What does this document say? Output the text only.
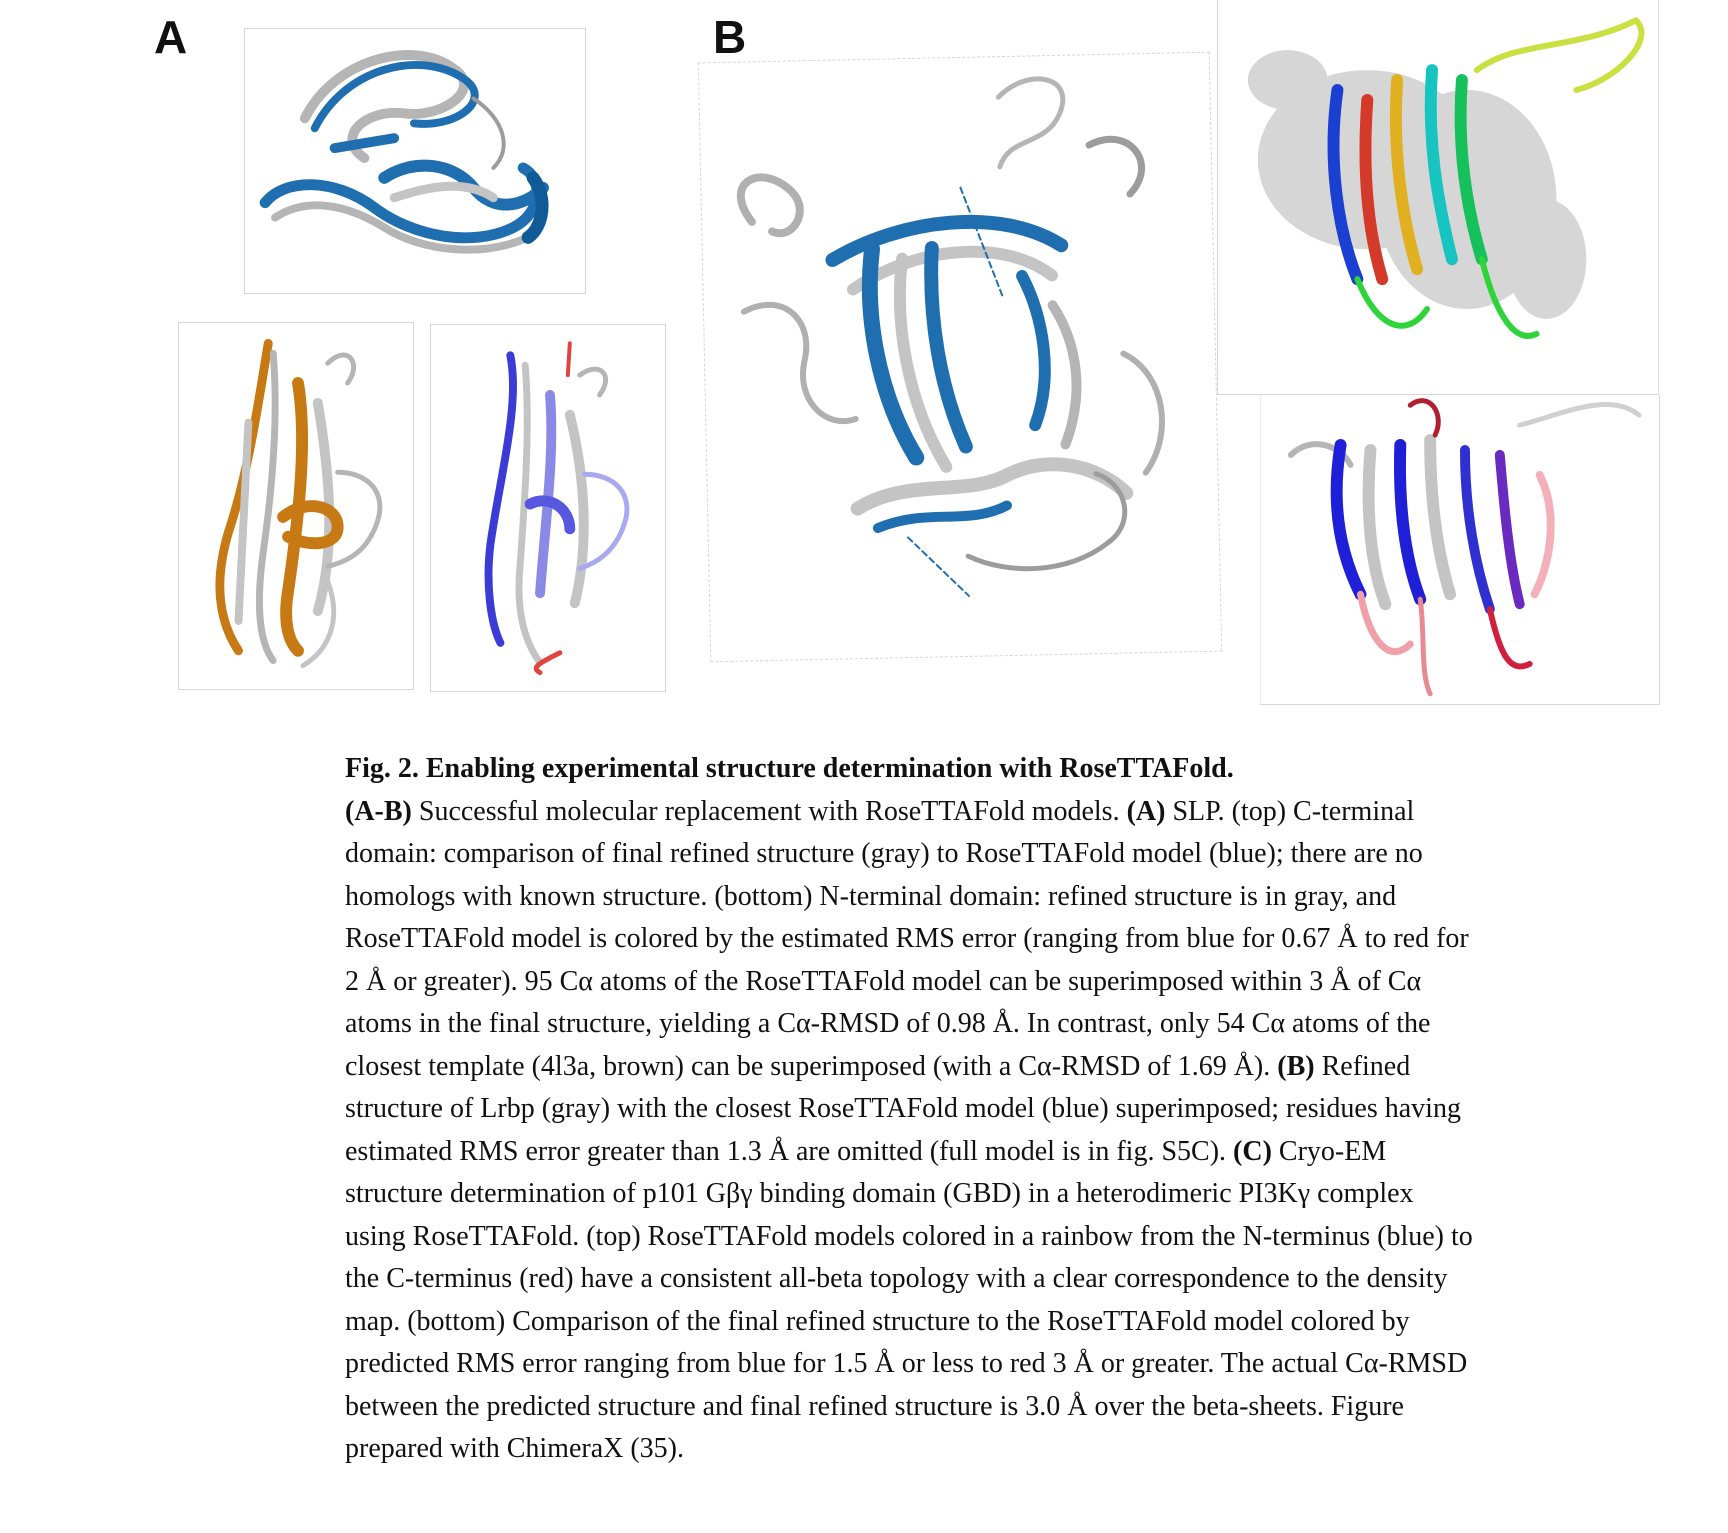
A	B
Fig. 2. Enabling experimental structure determination with RoseTTAFold.
(A-B) Successful molecular replacement with RoseTTAFold models. (A) SLP. (top) C-terminal domain: comparison of final refined structure (gray) to RoseTTAFold model (blue); there are no homologs with known structure. (bottom) N-terminal domain: refined structure is in gray, and RoseTTAFold model is colored by the estimated RMS error (ranging from blue for 0.67 Å to red for 2 Å or greater). 95 Cα atoms of the RoseTTAFold model can be superimposed within 3 Å of Cα atoms in the final structure, yielding a Cα-RMSD of 0.98 Å. In contrast, only 54 Cα atoms of the closest template (4l3a, brown) can be superimposed (with a Cα-RMSD of 1.69 Å). (B) Refined structure of Lrbp (gray) with the closest RoseTTAFold model (blue) superimposed; residues having estimated RMS error greater than 1.3 Å are omitted (full model is in fig. S5C). (C) Cryo-EM structure determination of p101 Gβγ binding domain (GBD) in a heterodimeric PI3Kγ complex using RoseTTAFold. (top) RoseTTAFold models colored in a rainbow from the N-terminus (blue) to the C-terminus (red) have a consistent all-beta topology with a clear correspondence to the density map. (bottom) Comparison of the final refined structure to the RoseTTAFold model colored by predicted RMS error ranging from blue for 1.5 Å or less to red 3 Å or greater. The actual Cα-RMSD between the predicted structure and final refined structure is 3.0 Å over the beta-sheets. Figure prepared with ChimeraX (35).
